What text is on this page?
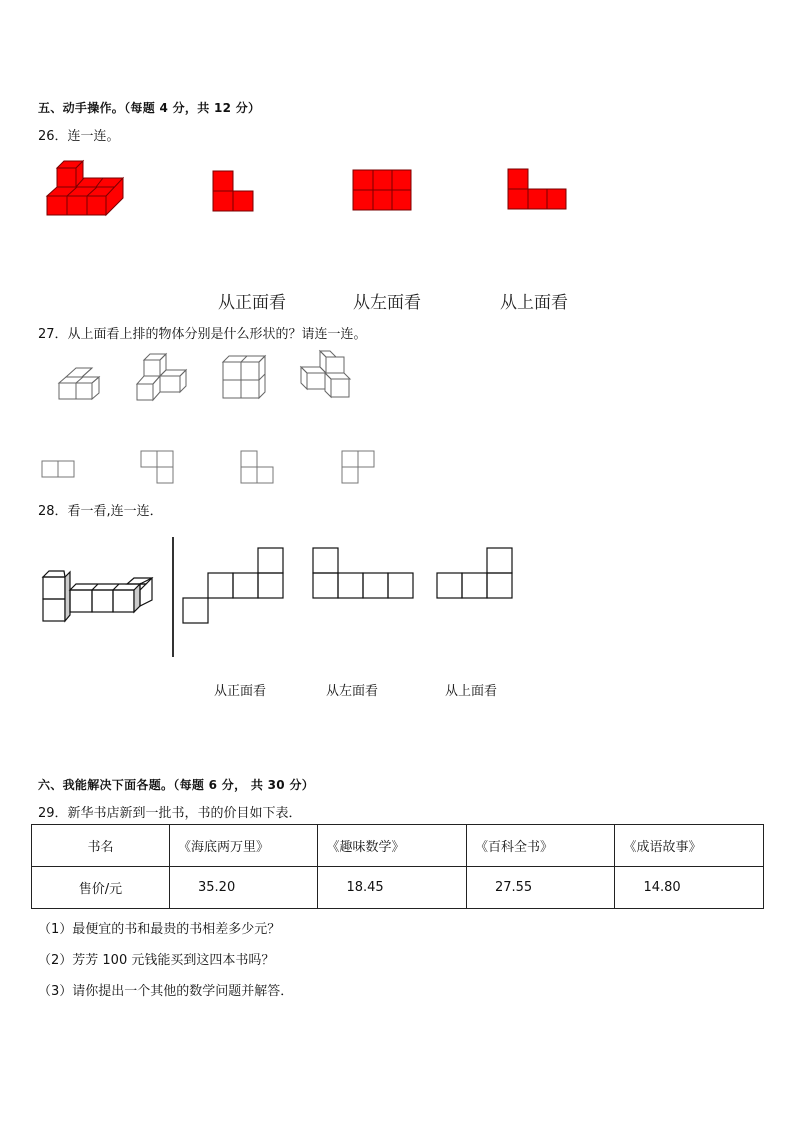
五、动手操作。（每题 4 分，共 12 分）
26．连一连。
从正面看	从左面看	从上面看
27．从上面看上排的物体分别是什么形状的？请连一连。
28．看一看,连一连．
从正面看	从左面看	从上面看
六、我能解决下面各题。（每题 6 分， 共 30 分）
29．新华书店新到一批书，书的价目如下表．
书名	《海底两万里》	《趣味数学》	《百科全书》	《成语故事》
售价/元	35.20	18.45	27.55	14.80
（1）最便宜的书和最贵的书相差多少元？
（2）芳芳 100 元钱能买到这四本书吗？
（3）请你提出一个其他的数学问题并解答．
